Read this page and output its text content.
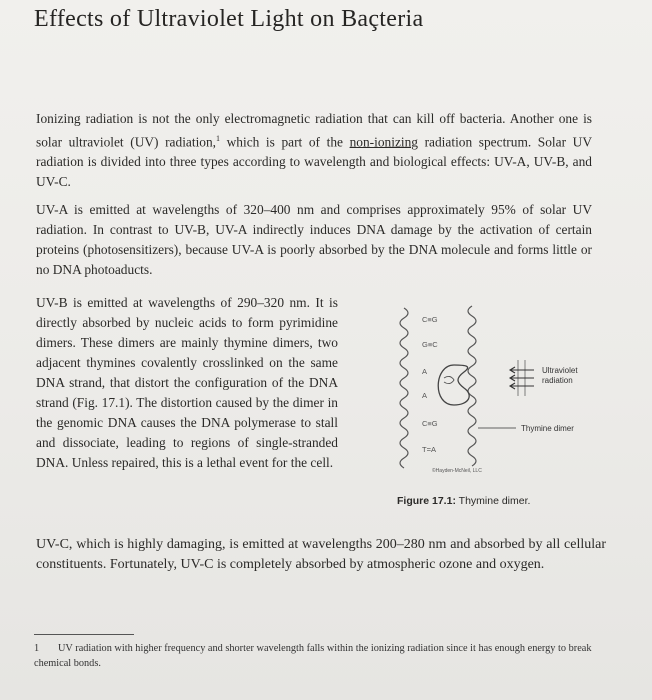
Effects of Ultraviolet Light on Baçteria
Ionizing radiation is not the only electromagnetic radiation that can kill off bacteria. Another one is solar ultraviolet (UV) radiation,$^1$ which is part of the non-ionizing radiation spectrum. Solar UV radiation is divided into three types according to wavelength and biological effects: UV-A, UV-B, and UV-C.
UV-A is emitted at wavelengths of 320–400 nm and comprises approximately 95% of solar UV radiation. In contrast to UV-B, UV-A indirectly induces DNA damage by the activation of certain proteins (photosensitizers), because UV-A is poorly absorbed by the DNA molecule and forms little or no DNA photoaducts.
UV-B is emitted at wavelengths of 290–320 nm. It is directly absorbed by nucleic acids to form pyrimidine dimers. These dimers are mainly thymine dimers, two adjacent thymines covalently crosslinked on the same DNA strand, that distort the configuration of the DNA strand (Fig. 17.1). The distortion caused by the dimer in the genomic DNA causes the DNA polymerase to stall and dissociate, leading to regions of single-stranded DNA. Unless repaired, this is a lethal event for the cell.
C≡G
G≡C
A
A
C≡G
T=A
Ultraviolet
radiation
Thymine dimer
©Hayden-McNeil, LLC
Figure 17.1: Thymine dimer.
UV-C, which is highly damaging, is emitted at wavelengths 200–280 nm and absorbed by all cellular constituents. Fortunately, UV-C is completely absorbed by atmospheric ozone and oxygen.
1 UV radiation with higher frequency and shorter wavelength falls within the ionizing radiation since it has enough energy to break chemical bonds.
